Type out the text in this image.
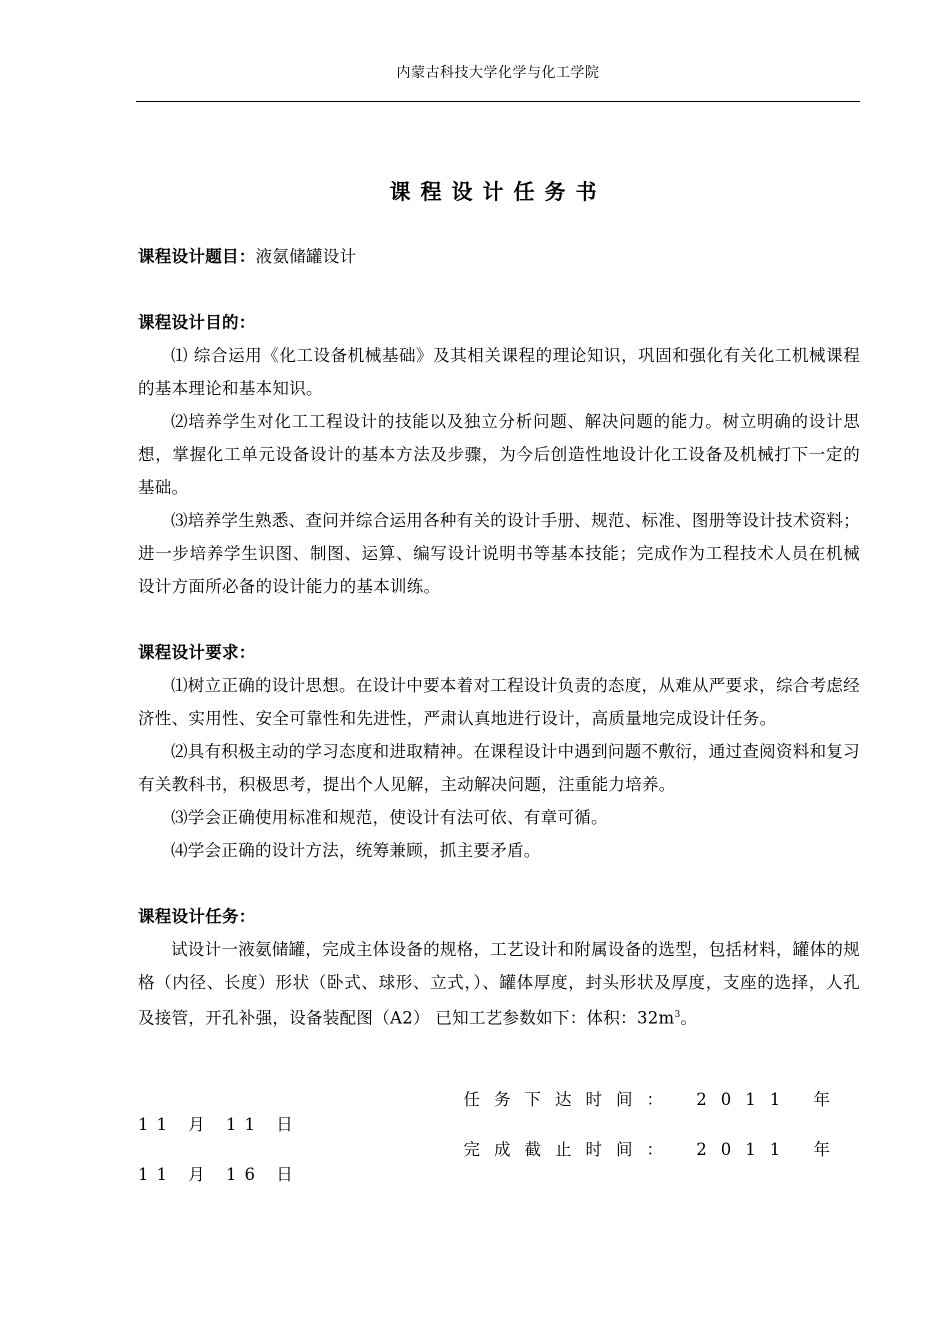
内蒙古科技大学化学与化工学院
课程设计任务书
课程设计题目：液氨储罐设计
课程设计目的：
⑴ 综合运用《化工设备机械基础》及其相关课程的理论知识，巩固和强化有关化工机械课程的基本理论和基本知识。
⑵培养学生对化工工程设计的技能以及独立分析问题、解决问题的能力。树立明确的设计思想，掌握化工单元设备设计的基本方法及步骤，为今后创造性地设计化工设备及机械打下一定的基础。
⑶培养学生熟悉、查问并综合运用各种有关的设计手册、规范、标准、图册等设计技术资料；进一步培养学生识图、制图、运算、编写设计说明书等基本技能；完成作为工程技术人员在机械设计方面所必备的设计能力的基本训练。
课程设计要求：
⑴树立正确的设计思想。在设计中要本着对工程设计负责的态度，从难从严要求，综合考虑经济性、实用性、安全可靠性和先进性，严肃认真地进行设计，高质量地完成设计任务。
⑵具有积极主动的学习态度和进取精神。在课程设计中遇到问题不敷衍，通过查阅资料和复习有关教科书，积极思考，提出个人见解，主动解决问题，注重能力培养。
⑶学会正确使用标准和规范，使设计有法可依、有章可循。
⑷学会正确的设计方法，统筹兼顾，抓主要矛盾。
课程设计任务：
试设计一液氨储罐，完成主体设备的规格，工艺设计和附属设备的选型，包括材料，罐体的规格（内径、长度）形状（卧式、球形、立式，）、罐体厚度，封头形状及厚度，支座的选择，人孔及接管，开孔补强，设备装配图（A2） 已知工艺参数如下：体积：$32m^3$。
任务下达时间： 2011 年
11 月 11 日
完成截止时间： 2011 年
11 月 16 日
